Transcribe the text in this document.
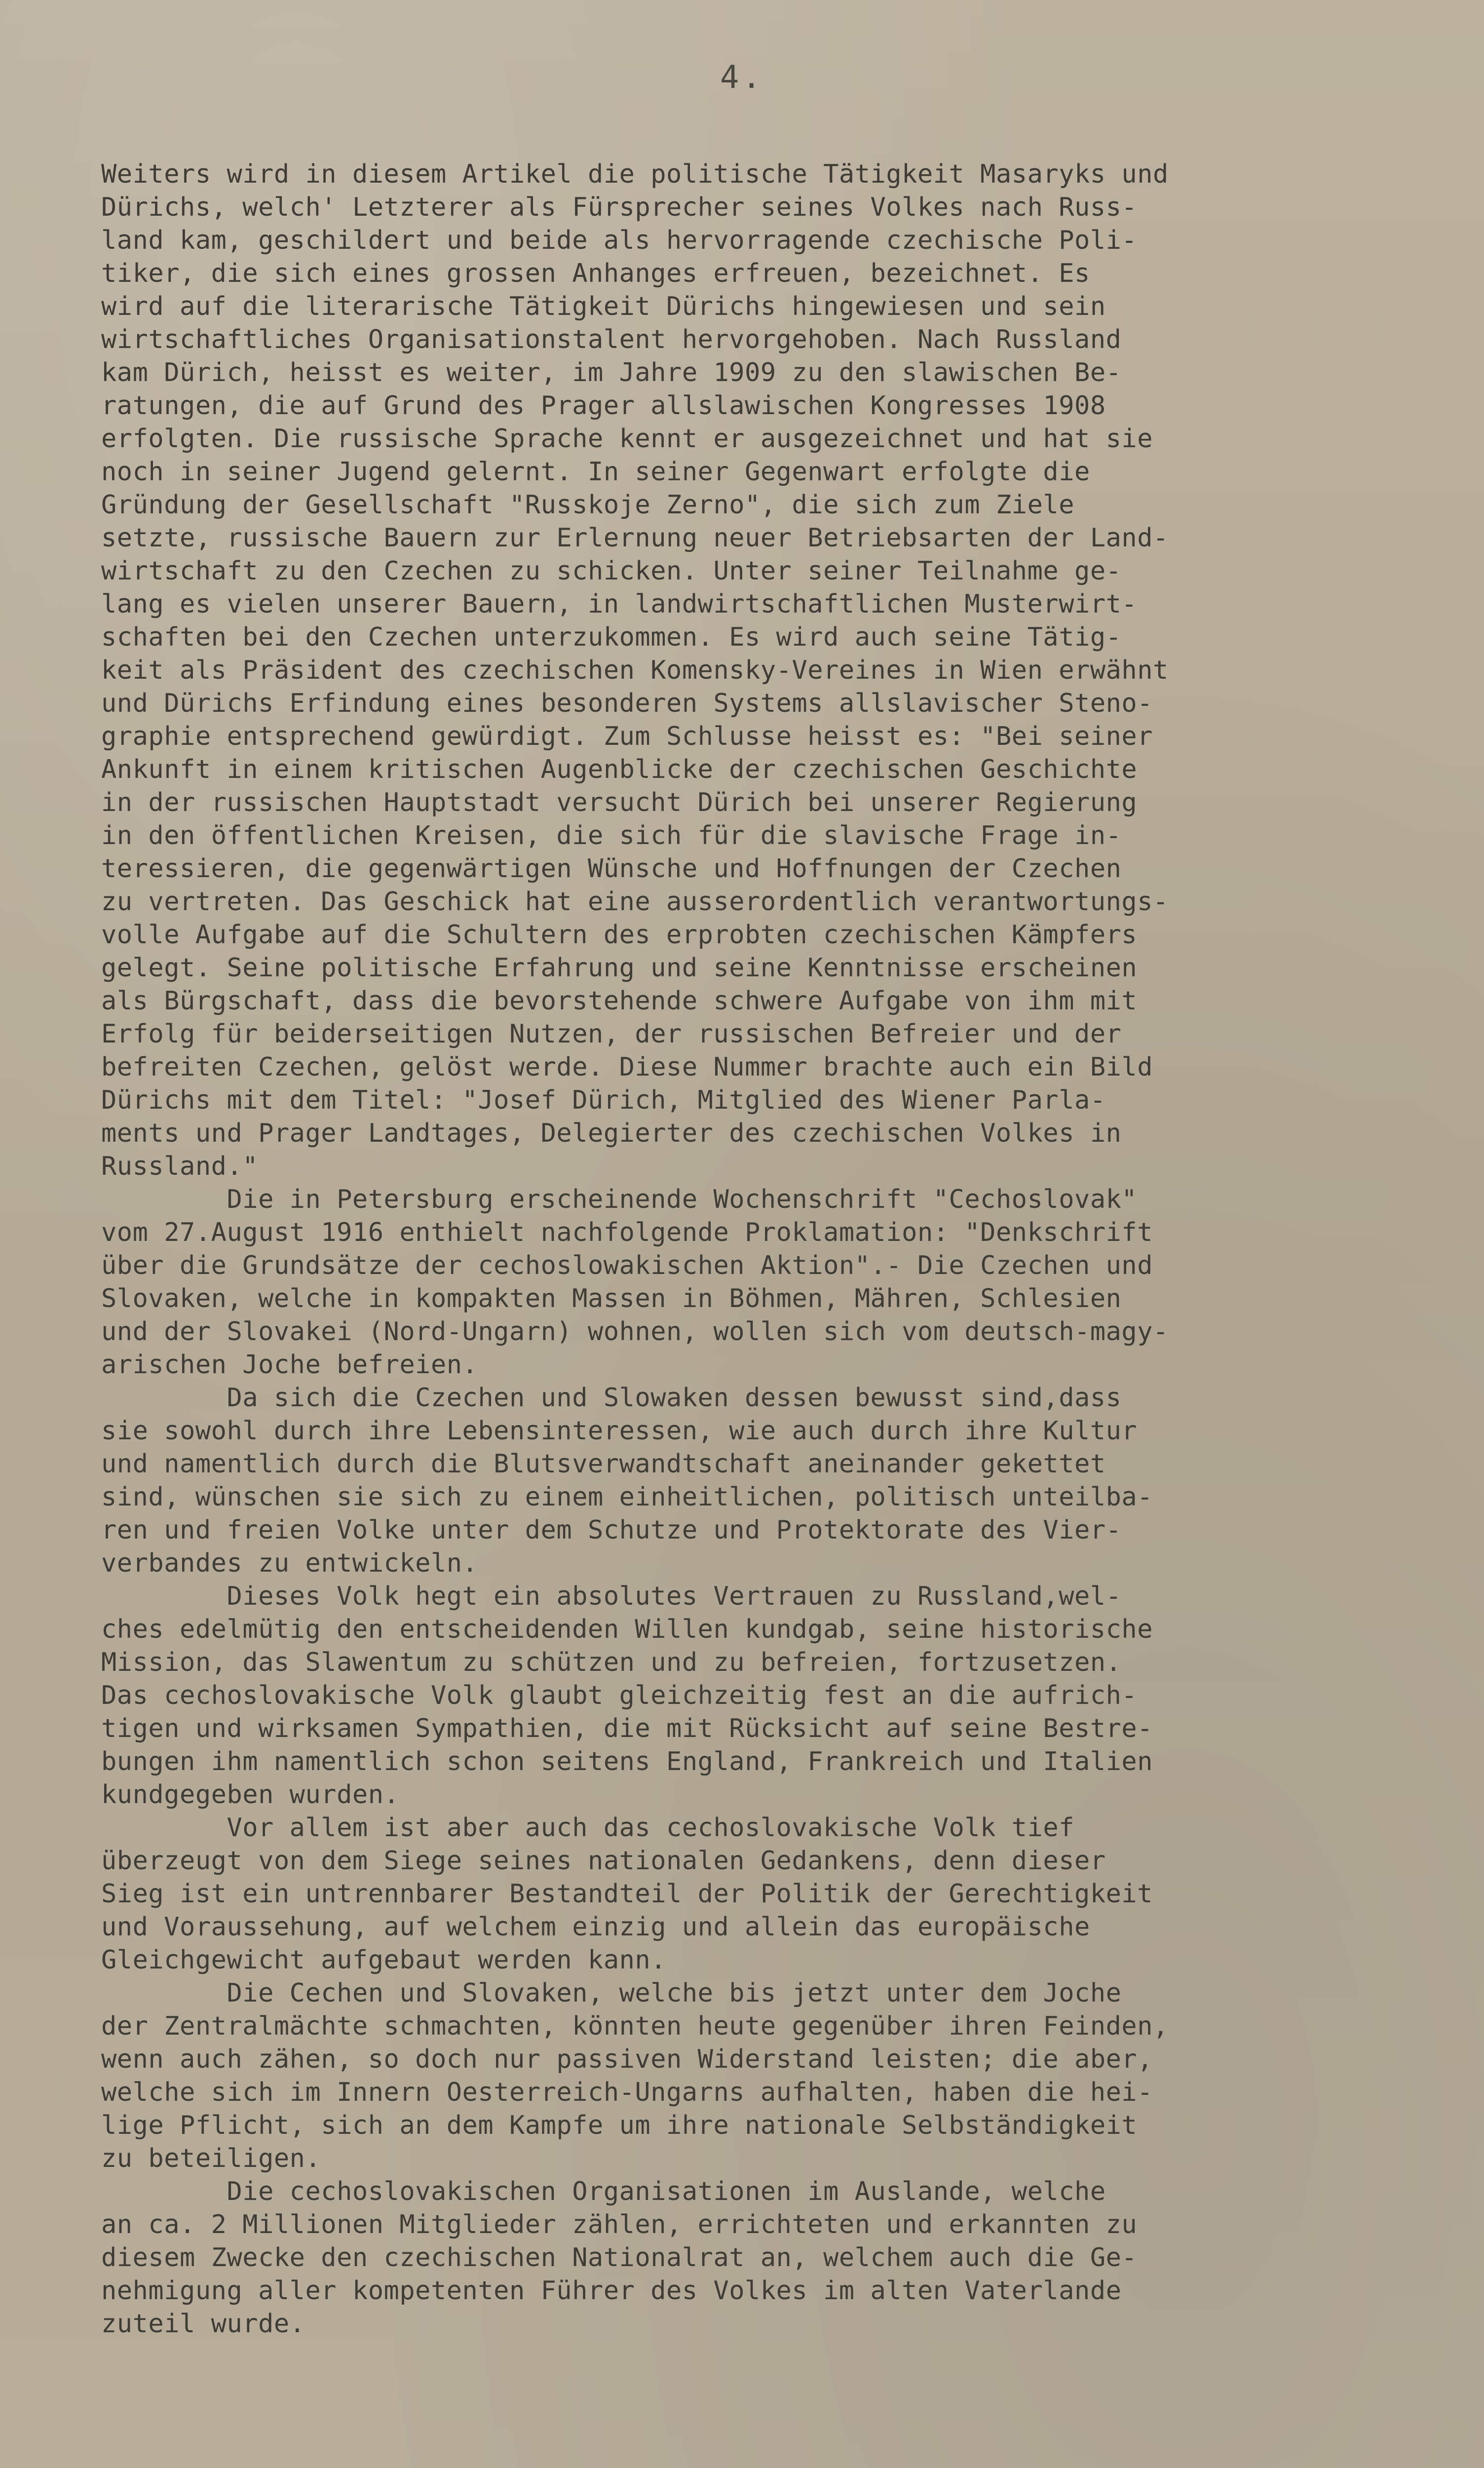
4.
Weiters wird in diesem Artikel die politische Tätigkeit Masaryks und
Dürichs, welch' Letzterer als Fürsprecher seines Volkes nach Russ-
land kam, geschildert und beide als hervorragende czechische Poli-
tiker, die sich eines grossen Anhanges erfreuen, bezeichnet. Es
wird auf die literarische Tätigkeit Dürichs hingewiesen und sein
wirtschaftliches Organisationstalent hervorgehoben. Nach Russland
kam Dürich, heisst es weiter, im Jahre 1909 zu den slawischen Be-
ratungen, die auf Grund des Prager allslawischen Kongresses 1908
erfolgten. Die russische Sprache kennt er ausgezeichnet und hat sie
noch in seiner Jugend gelernt. In seiner Gegenwart erfolgte die
Gründung der Gesellschaft "Russkoje Zerno", die sich zum Ziele
setzte, russische Bauern zur Erlernung neuer Betriebsarten der Land-
wirtschaft zu den Czechen zu schicken. Unter seiner Teilnahme ge-
lang es vielen unserer Bauern, in landwirtschaftlichen Musterwirt-
schaften bei den Czechen unterzukommen. Es wird auch seine Tätig-
keit als Präsident des czechischen Komensky-Vereines in Wien erwähnt
und Dürichs Erfindung eines besonderen Systems allslavischer Steno-
graphie entsprechend gewürdigt. Zum Schlusse heisst es: "Bei seiner
Ankunft in einem kritischen Augenblicke der czechischen Geschichte
in der russischen Hauptstadt versucht Dürich bei unserer Regierung
in den öffentlichen Kreisen, die sich für die slavische Frage in-
teressieren, die gegenwärtigen Wünsche und Hoffnungen der Czechen
zu vertreten. Das Geschick hat eine ausserordentlich verantwortungs-
volle Aufgabe auf die Schultern des erprobten czechischen Kämpfers
gelegt. Seine politische Erfahrung und seine Kenntnisse erscheinen
als Bürgschaft, dass die bevorstehende schwere Aufgabe von ihm mit
Erfolg für beiderseitigen Nutzen, der russischen Befreier und der
befreiten Czechen, gelöst werde. Diese Nummer brachte auch ein Bild
Dürichs mit dem Titel: "Josef Dürich, Mitglied des Wiener Parla-
ments und Prager Landtages, Delegierter des czechischen Volkes in
Russland."
Die in Petersburg erscheinende Wochenschrift "Cechoslovak"
vom 27.August 1916 enthielt nachfolgende Proklamation: "Denkschrift
über die Grundsätze der cechoslowakischen Aktion".- Die Czechen und
Slovaken, welche in kompakten Massen in Böhmen, Mähren, Schlesien
und der Slovakei (Nord-Ungarn) wohnen, wollen sich vom deutsch-magy-
arischen Joche befreien.
Da sich die Czechen und Slowaken dessen bewusst sind,dass
sie sowohl durch ihre Lebensinteressen, wie auch durch ihre Kultur
und namentlich durch die Blutsverwandtschaft aneinander gekettet
sind, wünschen sie sich zu einem einheitlichen, politisch unteilba-
ren und freien Volke unter dem Schutze und Protektorate des Vier-
verbandes zu entwickeln.
Dieses Volk hegt ein absolutes Vertrauen zu Russland,wel-
ches edelmütig den entscheidenden Willen kundgab, seine historische
Mission, das Slawentum zu schützen und zu befreien, fortzusetzen.
Das cechoslovakische Volk glaubt gleichzeitig fest an die aufrich-
tigen und wirksamen Sympathien, die mit Rücksicht auf seine Bestre-
bungen ihm namentlich schon seitens England, Frankreich und Italien
kundgegeben wurden.
Vor allem ist aber auch das cechoslovakische Volk tief
überzeugt von dem Siege seines nationalen Gedankens, denn dieser
Sieg ist ein untrennbarer Bestandteil der Politik der Gerechtigkeit
und Voraussehung, auf welchem einzig und allein das europäische
Gleichgewicht aufgebaut werden kann.
Die Cechen und Slovaken, welche bis jetzt unter dem Joche
der Zentralmächte schmachten, könnten heute gegenüber ihren Feinden,
wenn auch zähen, so doch nur passiven Widerstand leisten; die aber,
welche sich im Innern Oesterreich-Ungarns aufhalten, haben die hei-
lige Pflicht, sich an dem Kampfe um ihre nationale Selbständigkeit
zu beteiligen.
Die cechoslovakischen Organisationen im Auslande, welche
an ca. 2 Millionen Mitglieder zählen, errichteten und erkannten zu
diesem Zwecke den czechischen Nationalrat an, welchem auch die Ge-
nehmigung aller kompetenten Führer des Volkes im alten Vaterlande
zuteil wurde.
